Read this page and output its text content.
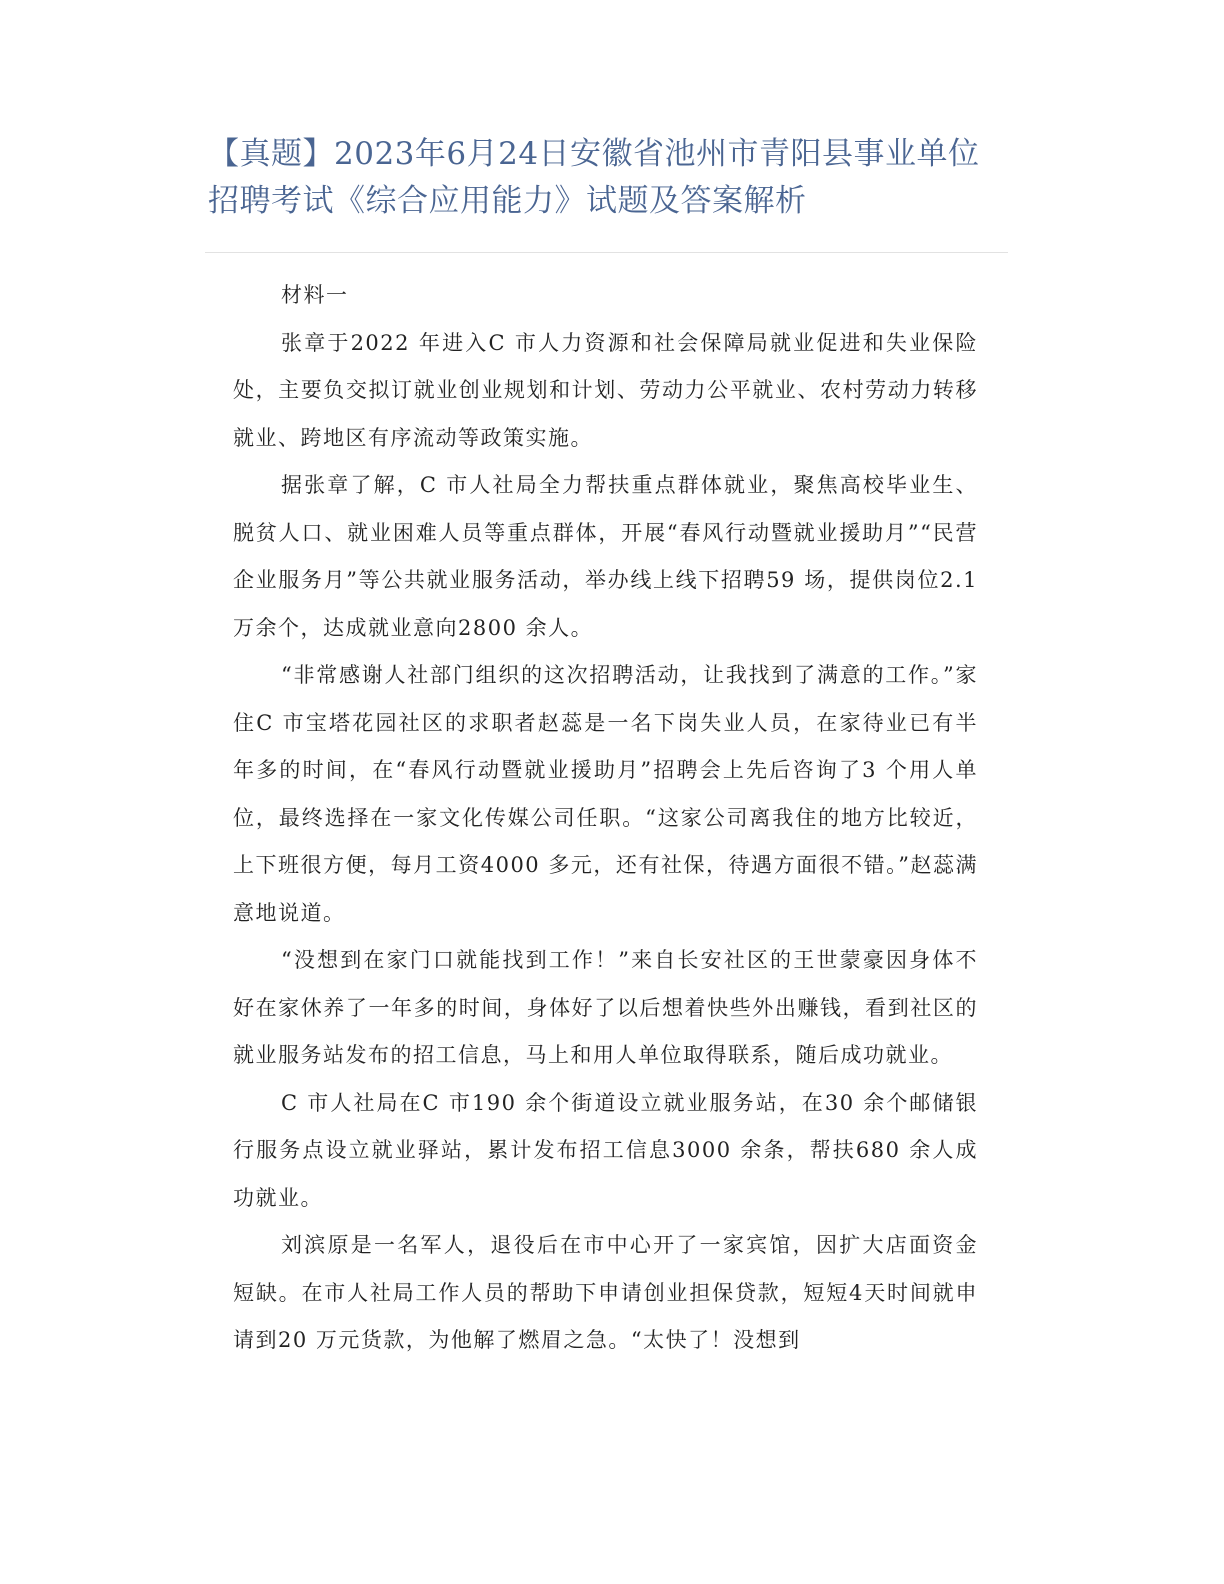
【真题】2023年6月24日安徽省池州市青阳县事业单位招聘考试《综合应用能力》试题及答案解析

材料一

张章于2022 年进入C 市人力资源和社会保障局就业促进和失业保险处，主要负交拟订就业创业规划和计划、劳动力公平就业、农村劳动力转移就业、跨地区有序流动等政策实施。

据张章了解，C 市人社局全力帮扶重点群体就业，聚焦高校毕业生、脱贫人口、就业困难人员等重点群体，开展“春风行动暨就业援助月”“民营企业服务月”等公共就业服务活动，举办线上线下招聘59 场，提供岗位2.1万余个，达成就业意向2800 余人。

“非常感谢人社部门组织的这次招聘活动，让我找到了满意的工作。”家住C 市宝塔花园社区的求职者赵蕊是一名下岗失业人员，在家待业已有半年多的时间，在“春风行动暨就业援助月”招聘会上先后咨询了3 个用人单位，最终选择在一家文化传媒公司任职。“这家公司离我住的地方比较近，上下班很方便，每月工资4000 多元，还有社保，待遇方面很不错。”赵蕊满意地说道。

“没想到在家门口就能找到工作！”来自长安社区的王世蒙豪因身体不好在家休养了一年多的时间，身体好了以后想着快些外出赚钱，看到社区的就业服务站发布的招工信息，马上和用人单位取得联系，随后成功就业。

C 市人社局在C 市190 余个街道设立就业服务站，在30 余个邮储银行服务点设立就业驿站，累计发布招工信息3000 余条，帮扶680 余人成功就业。

刘滨原是一名军人，退役后在市中心开了一家宾馆，因扩大店面资金短缺。在市人社局工作人员的帮助下申请创业担保贷款，短短4天时间就申请到20 万元货款，为他解了燃眉之急。“太快了！没想到
